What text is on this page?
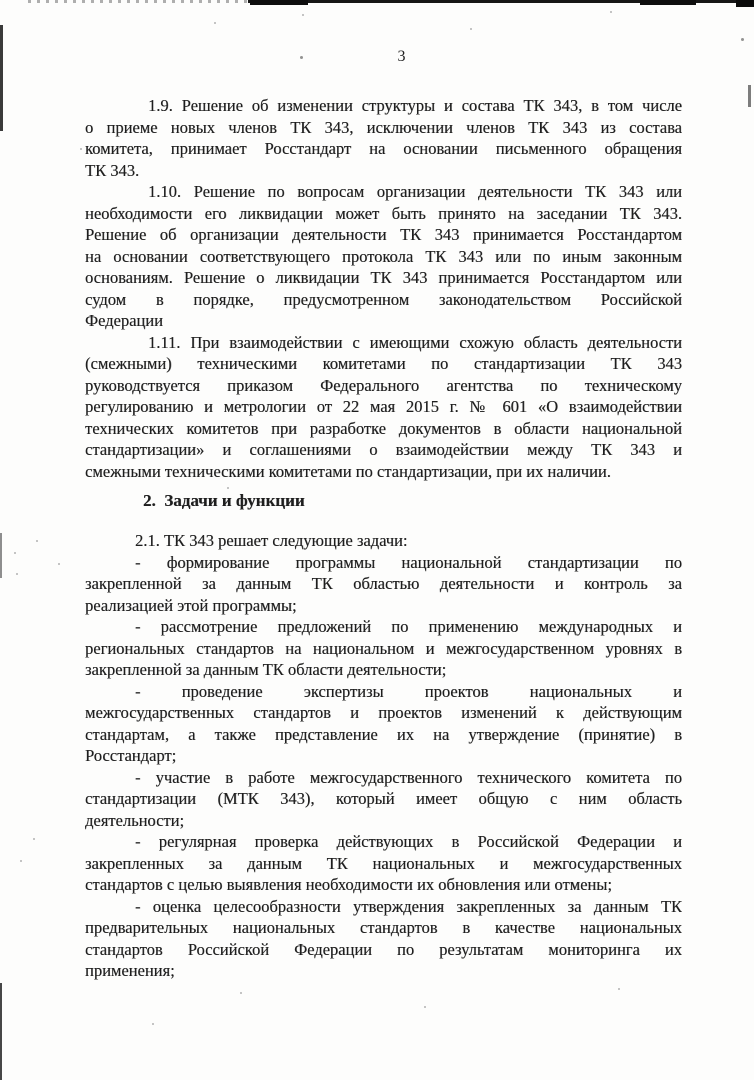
3
1.9. Решение об изменении структуры и состава ТК 343, в том числе
о приеме новых членов ТК 343, исключении членов ТК 343 из состава
комитета, принимает Росстандарт на основании письменного обращения
ТК 343.
1.10. Решение по вопросам организации деятельности ТК 343 или
необходимости его ликвидации может быть принято на заседании ТК 343.
Решение об организации деятельности ТК 343 принимается Росстандартом
на основании соответствующего протокола ТК 343 или по иным законным
основаниям. Решение о ликвидации ТК 343 принимается Росстандартом или
судом в порядке, предусмотренном законодательством Российской
Федерации
1.11. При взаимодействии с имеющими схожую область деятельности
(смежными) техническими комитетами по стандартизации ТК 343
руководствуется приказом Федерального агентства по техническому
регулированию и метрологии от 22 мая 2015 г. № 601 «О взаимодействии
технических комитетов при разработке документов в области национальной
стандартизации» и соглашениями о взаимодействии между ТК 343 и
смежными техническими комитетами по стандартизации, при их наличии.
2.  Задачи и функции
2.1. ТК 343 решает следующие задачи:
- формирование программы национальной стандартизации по
закрепленной за данным ТК областью деятельности и контроль за
реализацией этой программы;
- рассмотрение предложений по применению международных и
региональных стандартов на национальном и межгосударственном уровнях в
закрепленной за данным ТК области деятельности;
- проведение экспертизы проектов национальных и
межгосударственных стандартов и проектов изменений к действующим
стандартам, а также представление их на утверждение (принятие) в
Росстандарт;
- участие в работе межгосударственного технического комитета по
стандартизации (МТК 343), который имеет общую с ним область
деятельности;
- регулярная проверка действующих в Российской Федерации и
закрепленных за данным ТК национальных и межгосударственных
стандартов с целью выявления необходимости их обновления или отмены;
- оценка целесообразности утверждения закрепленных за данным ТК
предварительных национальных стандартов в качестве национальных
стандартов Российской Федерации по результатам мониторинга их
применения;
